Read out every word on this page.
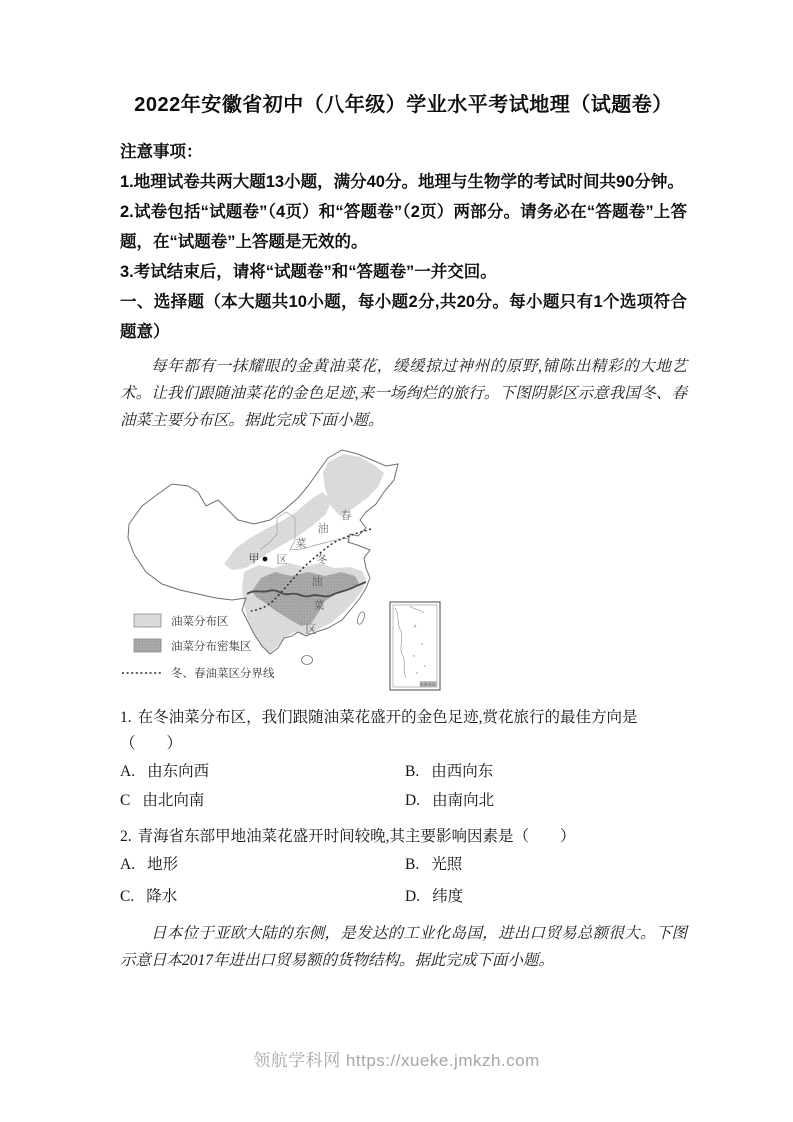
2022年安徽省初中（八年级）学业水平考试地理（试题卷）

注意事项：

1.地理试卷共两大题13小题，满分40分。地理与生物学的考试时间共90分钟。

2.试卷包括“试题卷”（4页）和“答题卷”（2页）两部分。请务必在“答题卷”上答题，在“试题卷”上答题是无效的。

3.考试结束后，请将“试题卷”和“答题卷”一并交回。

一、选择题（本大题共10小题，每小题2分,共20分。每小题只有1个选项符合题意）

每年都有一抹耀眼的金黄油菜花，缓缓掠过神州的原野,铺陈出精彩的大地艺术。让我们跟随油菜花的金色足迹,来一场绚烂的旅行。下图阴影区示意我国冬、春油菜主要分布区。据此完成下面小题。

甲
春
油
菜
区	冬
油
菜
区
油菜分布区
油菜分布密集区
冬、春油菜区分界线
南海诸岛

1. 在冬油菜分布区，我们跟随油菜花盛开的金色足迹,赏花旅行的最佳方向是（　　）

A. 由东向西	B. 由西向东
C 由北向南	D. 由南向北

2. 青海省东部甲地油菜花盛开时间较晚,其主要影响因素是（　　）

A. 地形	B. 光照
C. 降水	D. 纬度

日本位于亚欧大陆的东侧，是发达的工业化岛国，进出口贸易总额很大。下图示意日本2017年进出口贸易额的货物结构。据此完成下面小题。

领航学科网 https://xueke.jmkzh.com
